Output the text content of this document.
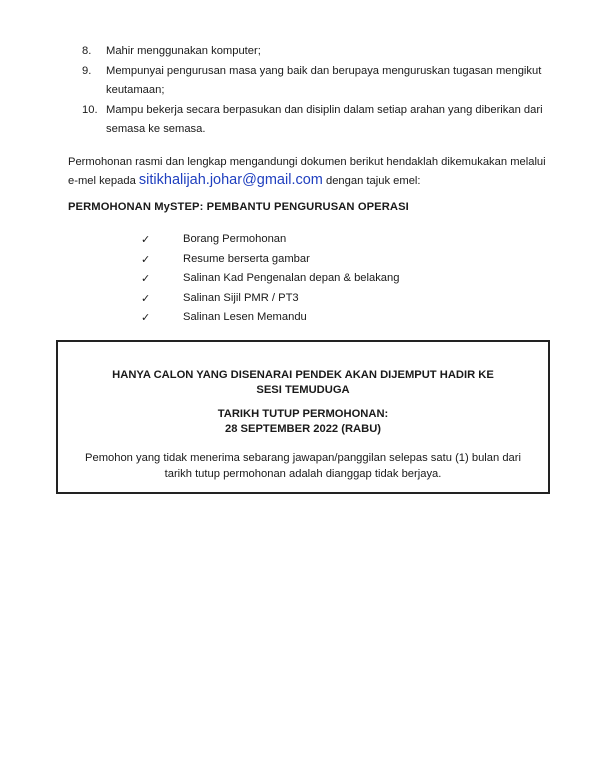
8.	Mahir menggunakan komputer;
9.	Mempunyai pengurusan masa yang baik dan berupaya menguruskan tugasan mengikut keutamaan;
10. Mampu bekerja secara berpasukan dan disiplin dalam setiap arahan yang diberikan dari semasa ke semasa.
Permohonan rasmi dan lengkap mengandungi dokumen berikut hendaklah dikemukakan melalui
e-mel kepada sitikhalijah.johar@gmail.com dengan tajuk emel:
PERMOHONAN MySTEP: PEMBANTU PENGURUSAN OPERASI
✓	Borang Permohonan
✓	Resume berserta gambar
✓	Salinan Kad Pengenalan depan & belakang
✓	Salinan Sijil PMR / PT3
✓	Salinan Lesen Memandu
HANYA CALON YANG DISENARAI PENDEK AKAN DIJEMPUT HADIR KE SESI TEMUDUGA
TARIKH TUTUP PERMOHONAN:
28 SEPTEMBER 2022 (RABU)
Pemohon yang tidak menerima sebarang jawapan/panggilan selepas satu (1) bulan dari tarikh tutup permohonan adalah dianggap tidak berjaya.
